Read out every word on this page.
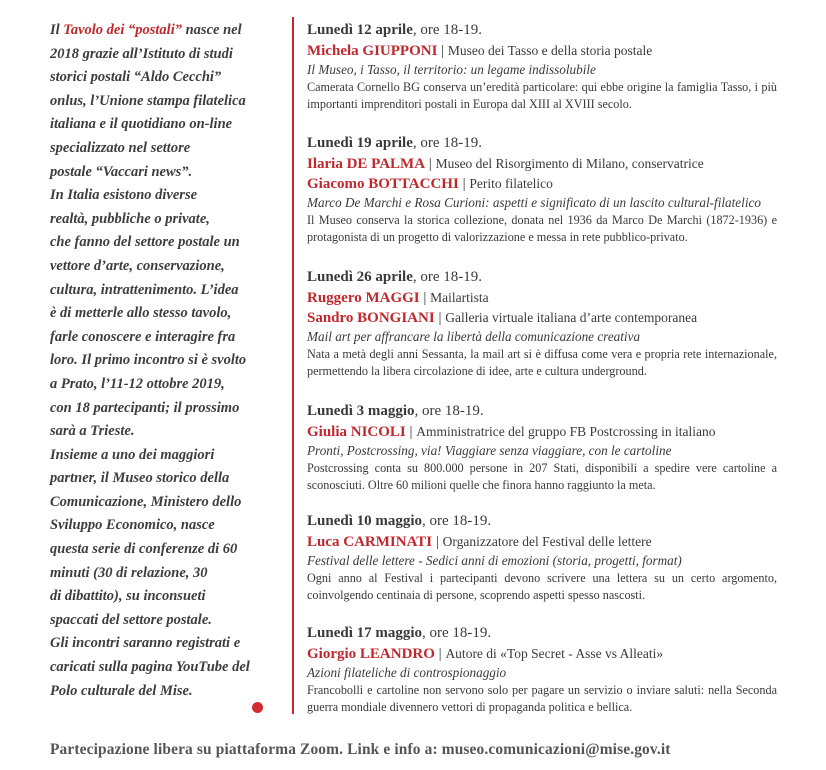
Il Tavolo dei “postali” nasce nel
2018 grazie all’Istituto di studi
storici postali “Aldo Cecchi”
onlus, l’Unione stampa filatelica
italiana e il quotidiano on-line
specializzato nel settore
postale “Vaccari news”.
In Italia esistono diverse
realtà, pubbliche o private,
che fanno del settore postale un
vettore d’arte, conservazione,
cultura, intrattenimento. L’idea
è di metterle allo stesso tavolo,
farle conoscere e interagire fra
loro. Il primo incontro si è svolto
a Prato, l’11-12 ottobre 2019,
con 18 partecipanti; il prossimo
sarà a Trieste.
Insieme a uno dei maggiori
partner, il Museo storico della
Comunicazione, Ministero dello
Sviluppo Economico, nasce
questa serie di conferenze di 60
minuti (30 di relazione, 30
di dibattito), su inconsueti
spaccati del settore postale.
Gli incontri saranno registrati e
caricati sulla pagina YouTube del
Polo culturale del Mise.

Lunedì 12 aprile, ore 18-19.
Michela GIUPPONI | Museo dei Tasso e della storia postale
Il Museo, i Tasso, il territorio: un legame indissolubile
Camerata Cornello BG conserva un’eredità particolare: qui ebbe origine la famiglia Tasso, i più importanti imprenditori postali in Europa dal XIII al XVIII secolo.
Lunedì 19 aprile, ore 18-19.
Ilaria DE PALMA | Museo del Risorgimento di Milano, conservatrice
Giacomo BOTTACCHI | Perito filatelico
Marco De Marchi e Rosa Curioni: aspetti e significato di un lascito cultural-filatelico
Il Museo conserva la storica collezione, donata nel 1936 da Marco De Marchi (1872-1936) e protagonista di un progetto di valorizzazione e messa in rete pubblico-privato.
Lunedì 26 aprile, ore 18-19.
Ruggero MAGGI | Mailartista
Sandro BONGIANI | Galleria virtuale italiana d’arte contemporanea
Mail art per affrancare la libertà della comunicazione creativa
Nata a metà degli anni Sessanta, la mail art si è diffusa come vera e propria rete internazionale, permettendo la libera circolazione di idee, arte e cultura underground.
Lunedì 3 maggio, ore 18-19.
Giulia NICOLI | Amministratrice del gruppo FB Postcrossing in italiano
Pronti, Postcrossing, via! Viaggiare senza viaggiare, con le cartoline
Postcrossing conta su 800.000 persone in 207 Stati, disponibili a spedire vere cartoline a sconosciuti. Oltre 60 milioni quelle che finora hanno raggiunto la meta.
Lunedì 10 maggio, ore 18-19.
Luca CARMINATI | Organizzatore del Festival delle lettere
Festival delle lettere - Sedici anni di emozioni (storia, progetti, format)
Ogni anno al Festival i partecipanti devono scrivere una lettera su un certo argomento, coinvolgendo centinaia di persone, scoprendo aspetti spesso nascosti.
Lunedì 17 maggio, ore 18-19.
Giorgio LEANDRO | Autore di «Top Secret - Asse vs Alleati»
Azioni filateliche di controspionaggio
Francobolli e cartoline non servono solo per pagare un servizio o inviare saluti: nella Seconda guerra mondiale divennero vettori di propaganda politica e bellica.
Partecipazione libera su piattaforma Zoom. Link e info a: museo.comunicazioni@mise.gov.it
